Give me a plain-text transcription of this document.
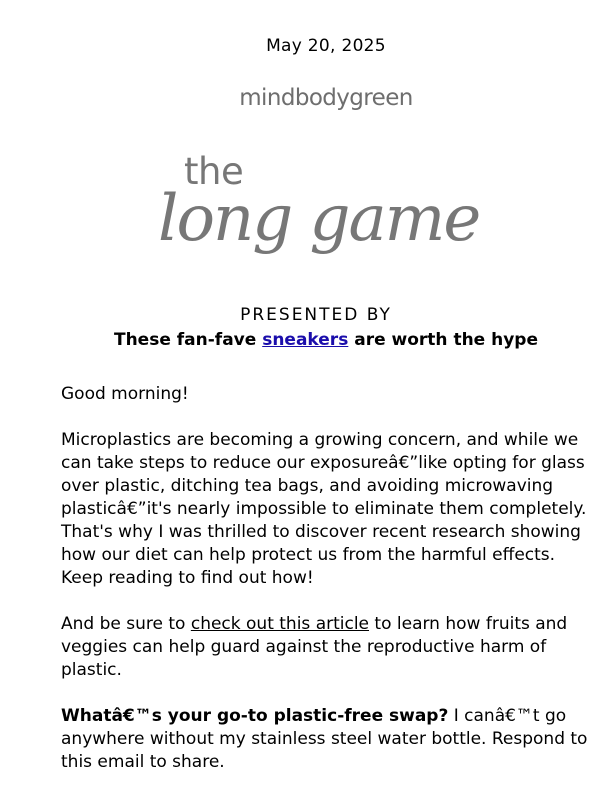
May 20, 2025
mindbodygreen
the
long game
PRESENTED BY
These fan-fave sneakers are worth the hype

Good morning!

Microplastics are becoming a growing concern, and while we can take steps to reduce our exposureâ€”like opting for glass over plastic, ditching tea bags, and avoiding microwaving plasticâ€”it's nearly impossible to eliminate them completely. That's why I was thrilled to discover recent research showing how our diet can help protect us from the harmful effects. Keep reading to find out how!

And be sure to check out this article to learn how fruits and veggies can help guard against the reproductive harm of plastic.

Whatâ€™s your go-to plastic-free swap? I canâ€™t go anywhere without my stainless steel water bottle. Respond to this email to share.
